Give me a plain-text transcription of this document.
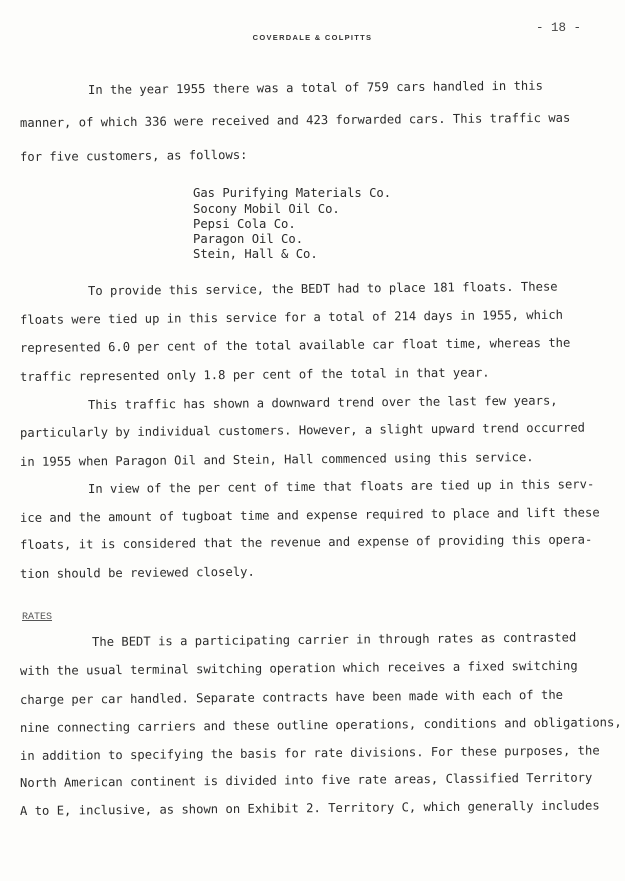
COVERDALE & COLPITTS
- 18 -
In the year 1955 there was a total of 759 cars handled in this
manner, of which 336 were received and 423 forwarded cars. This traffic was
for five customers, as follows:
Gas Purifying Materials Co.
Socony Mobil Oil Co.
Pepsi Cola Co.
Paragon Oil Co.
Stein, Hall & Co.
To provide this service, the BEDT had to place 181 floats. These
floats were tied up in this service for a total of 214 days in 1955, which
represented 6.0 per cent of the total available car float time, whereas the
traffic represented only 1.8 per cent of the total in that year.
This traffic has shown a downward trend over the last few years,
particularly by individual customers. However, a slight upward trend occurred
in 1955 when Paragon Oil and Stein, Hall commenced using this service.
In view of the per cent of time that floats are tied up in this serv-
ice and the amount of tugboat time and expense required to place and lift these
floats, it is considered that the revenue and expense of providing this opera-
tion should be reviewed closely.
RATES
The BEDT is a participating carrier in through rates as contrasted
with the usual terminal switching operation which receives a fixed switching
charge per car handled. Separate contracts have been made with each of the
nine connecting carriers and these outline operations, conditions and obligations,
in addition to specifying the basis for rate divisions. For these purposes, the
North American continent is divided into five rate areas, Classified Territory
A to E, inclusive, as shown on Exhibit 2. Territory C, which generally includes
